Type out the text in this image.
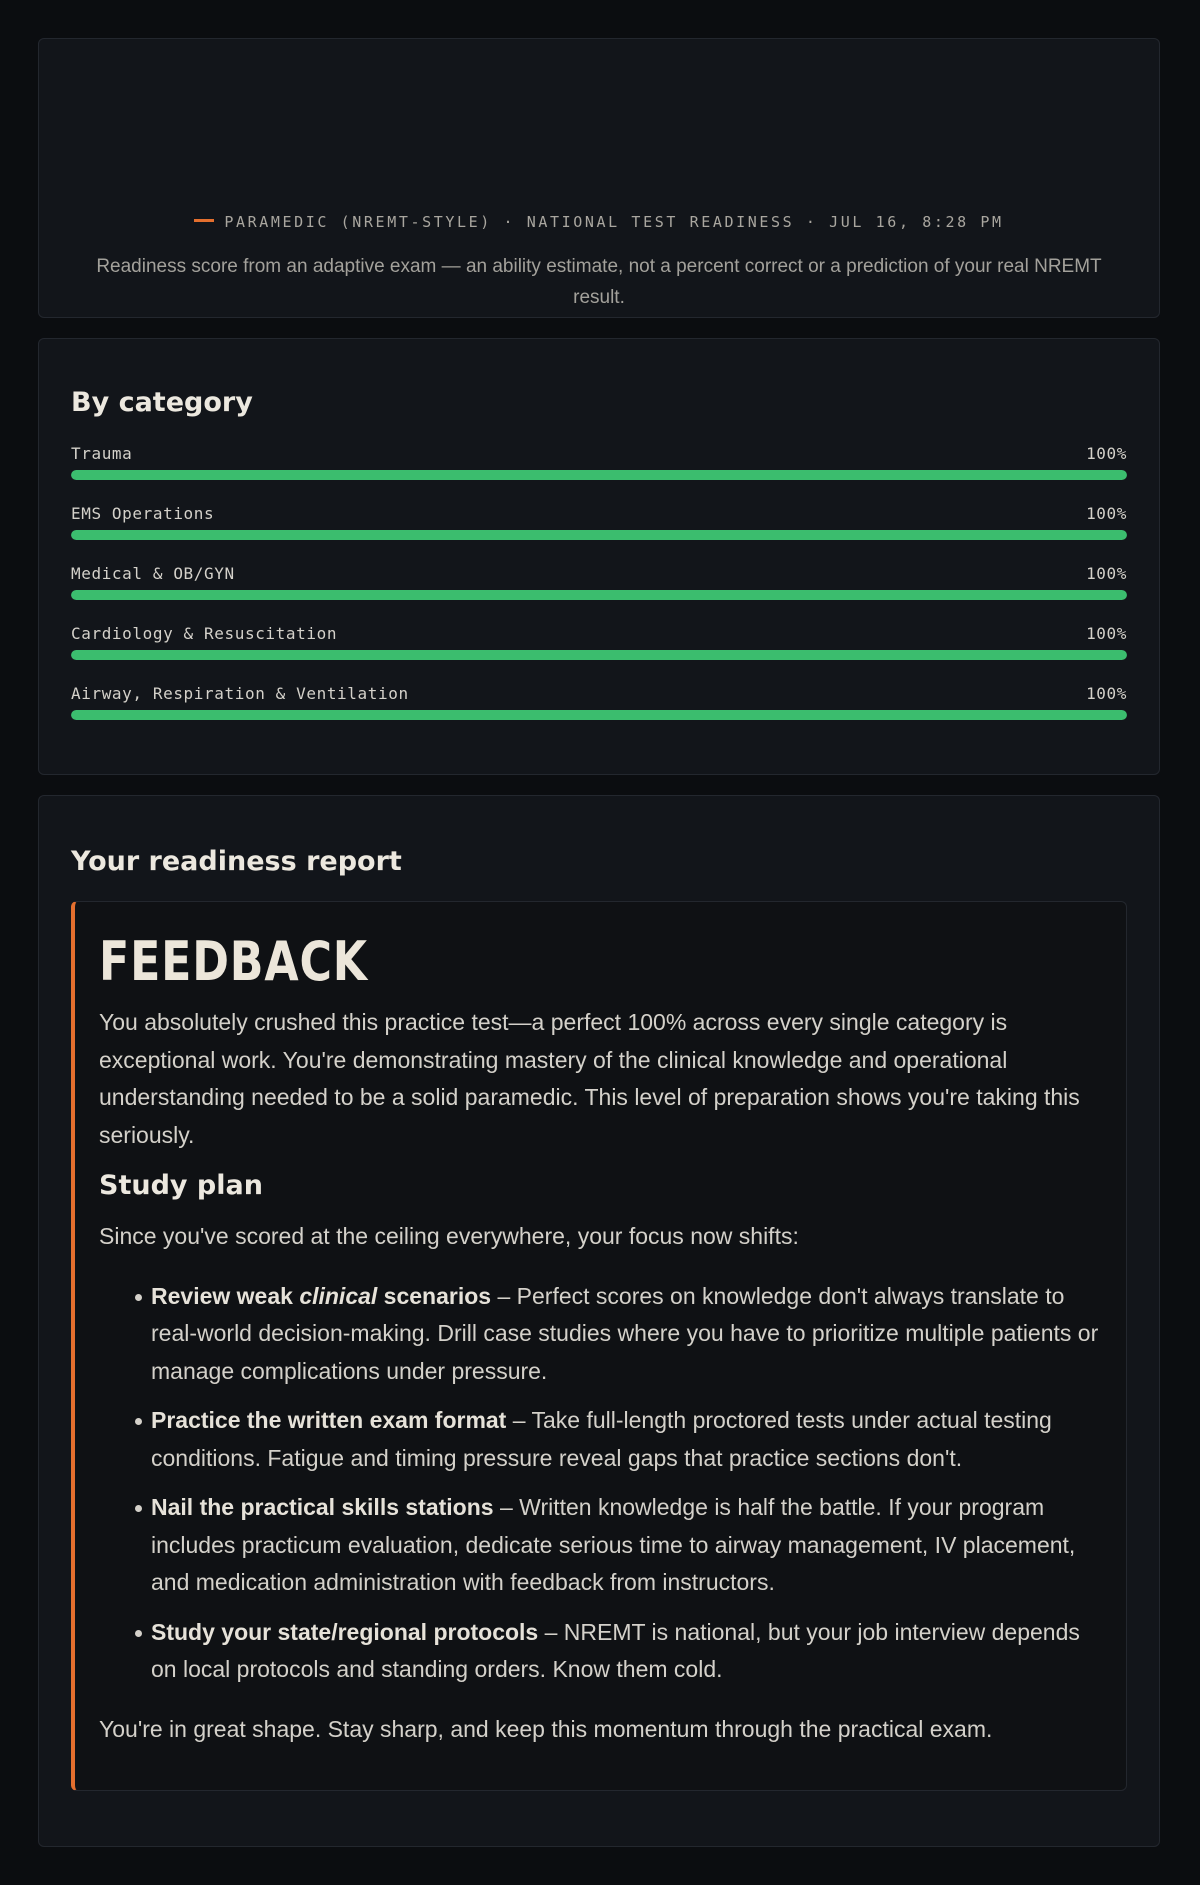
PARAMEDIC (NREMT-STYLE) · NATIONAL TEST READINESS · JUL 16, 8:28 PM
Readiness score from an adaptive exam — an ability estimate, not a percent correct or a prediction of your real NREMT result.
By category
Trauma	100%
EMS Operations	100%
Medical & OB/GYN	100%
Cardiology & Resuscitation	100%
Airway, Respiration & Ventilation	100%
Your readiness report
FEEDBACK

You absolutely crushed this practice test—a perfect 100% across every single category is exceptional work. You're demonstrating mastery of the clinical knowledge and operational understanding needed to be a solid paramedic. This level of preparation shows you're taking this seriously.

Study plan

Since you've scored at the ceiling everywhere, your focus now shifts:

Review weak clinical scenarios – Perfect scores on knowledge don't always translate to real-world decision-making. Drill case studies where you have to prioritize multiple patients or manage complications under pressure.
Practice the written exam format – Take full-length proctored tests under actual testing conditions. Fatigue and timing pressure reveal gaps that practice sections don't.
Nail the practical skills stations – Written knowledge is half the battle. If your program includes practicum evaluation, dedicate serious time to airway management, IV placement, and medication administration with feedback from instructors.
Study your state/regional protocols – NREMT is national, but your job interview depends on local protocols and standing orders. Know them cold.

You're in great shape. Stay sharp, and keep this momentum through the practical exam.
